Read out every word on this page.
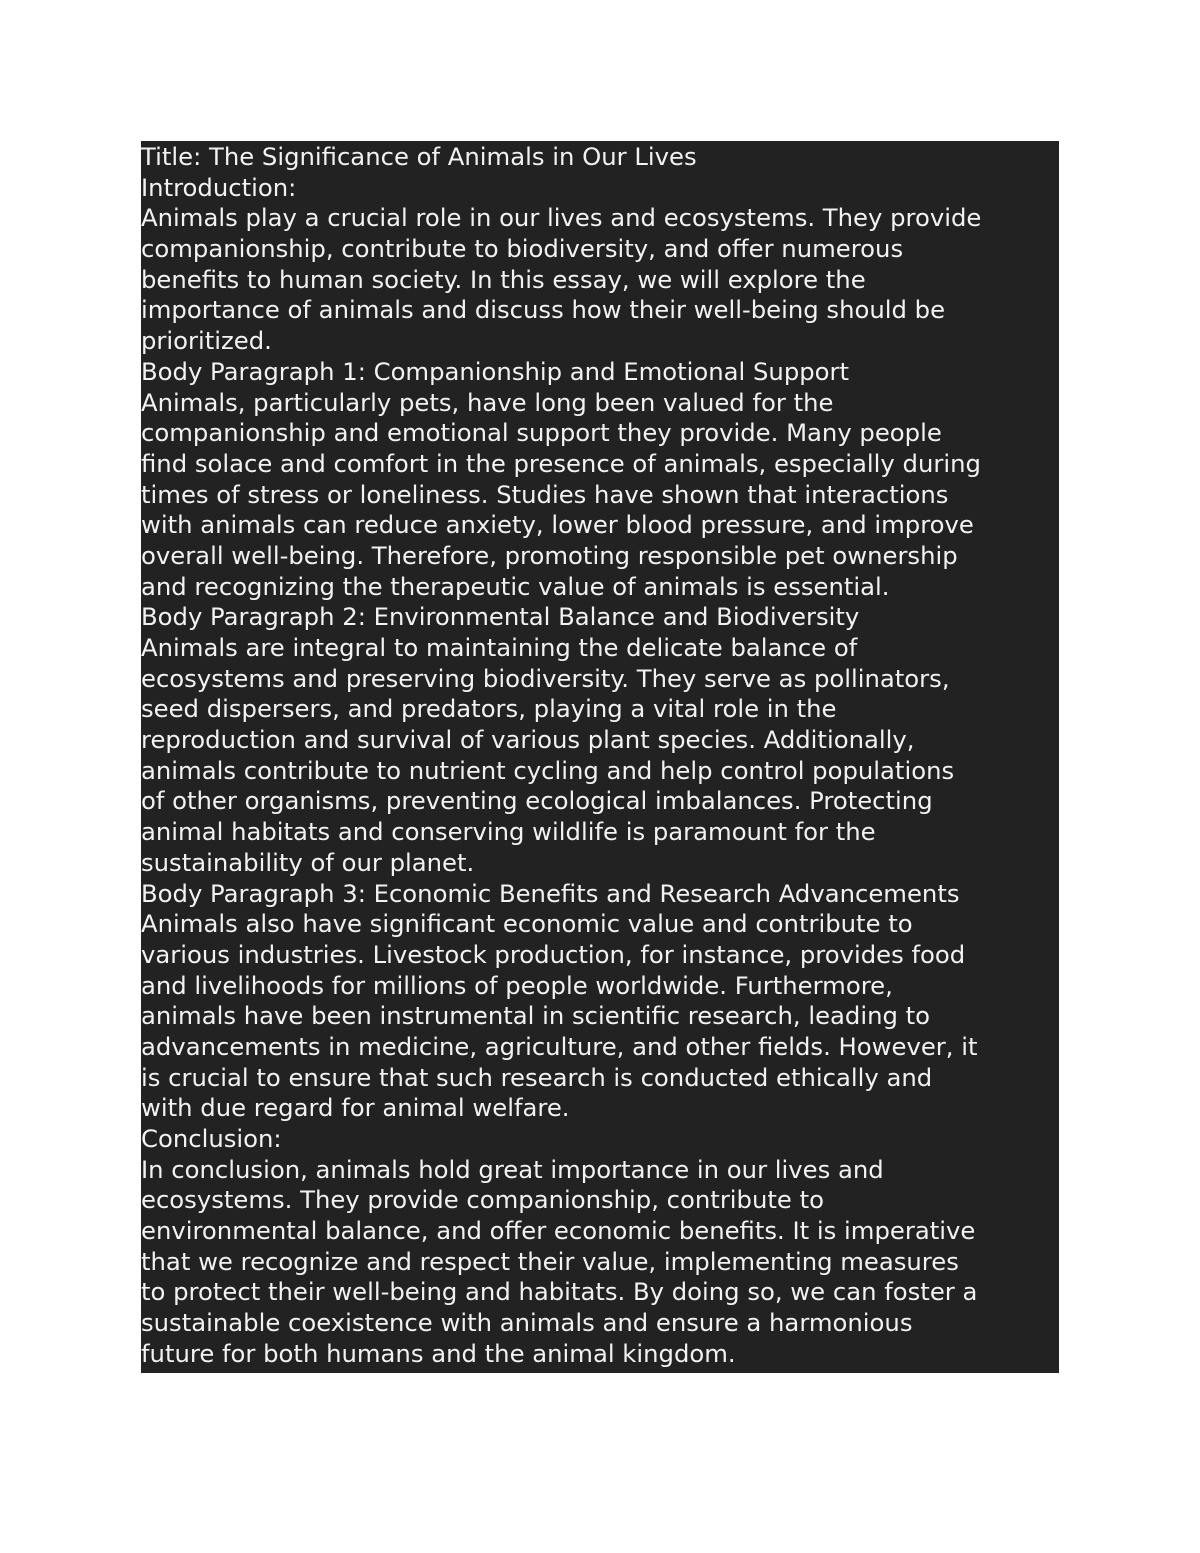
Title: The Significance of Animals in Our Lives
Introduction:
Animals play a crucial role in our lives and ecosystems. They provide
companionship, contribute to biodiversity, and offer numerous
benefits to human society. In this essay, we will explore the
importance of animals and discuss how their well-being should be
prioritized.
Body Paragraph 1: Companionship and Emotional Support
Animals, particularly pets, have long been valued for the
companionship and emotional support they provide. Many people
find solace and comfort in the presence of animals, especially during
times of stress or loneliness. Studies have shown that interactions
with animals can reduce anxiety, lower blood pressure, and improve
overall well-being. Therefore, promoting responsible pet ownership
and recognizing the therapeutic value of animals is essential.
Body Paragraph 2: Environmental Balance and Biodiversity
Animals are integral to maintaining the delicate balance of
ecosystems and preserving biodiversity. They serve as pollinators,
seed dispersers, and predators, playing a vital role in the
reproduction and survival of various plant species. Additionally,
animals contribute to nutrient cycling and help control populations
of other organisms, preventing ecological imbalances. Protecting
animal habitats and conserving wildlife is paramount for the
sustainability of our planet.
Body Paragraph 3: Economic Benefits and Research Advancements
Animals also have significant economic value and contribute to
various industries. Livestock production, for instance, provides food
and livelihoods for millions of people worldwide. Furthermore,
animals have been instrumental in scientific research, leading to
advancements in medicine, agriculture, and other fields. However, it
is crucial to ensure that such research is conducted ethically and
with due regard for animal welfare.
Conclusion:
In conclusion, animals hold great importance in our lives and
ecosystems. They provide companionship, contribute to
environmental balance, and offer economic benefits. It is imperative
that we recognize and respect their value, implementing measures
to protect their well-being and habitats. By doing so, we can foster a
sustainable coexistence with animals and ensure a harmonious
future for both humans and the animal kingdom.
